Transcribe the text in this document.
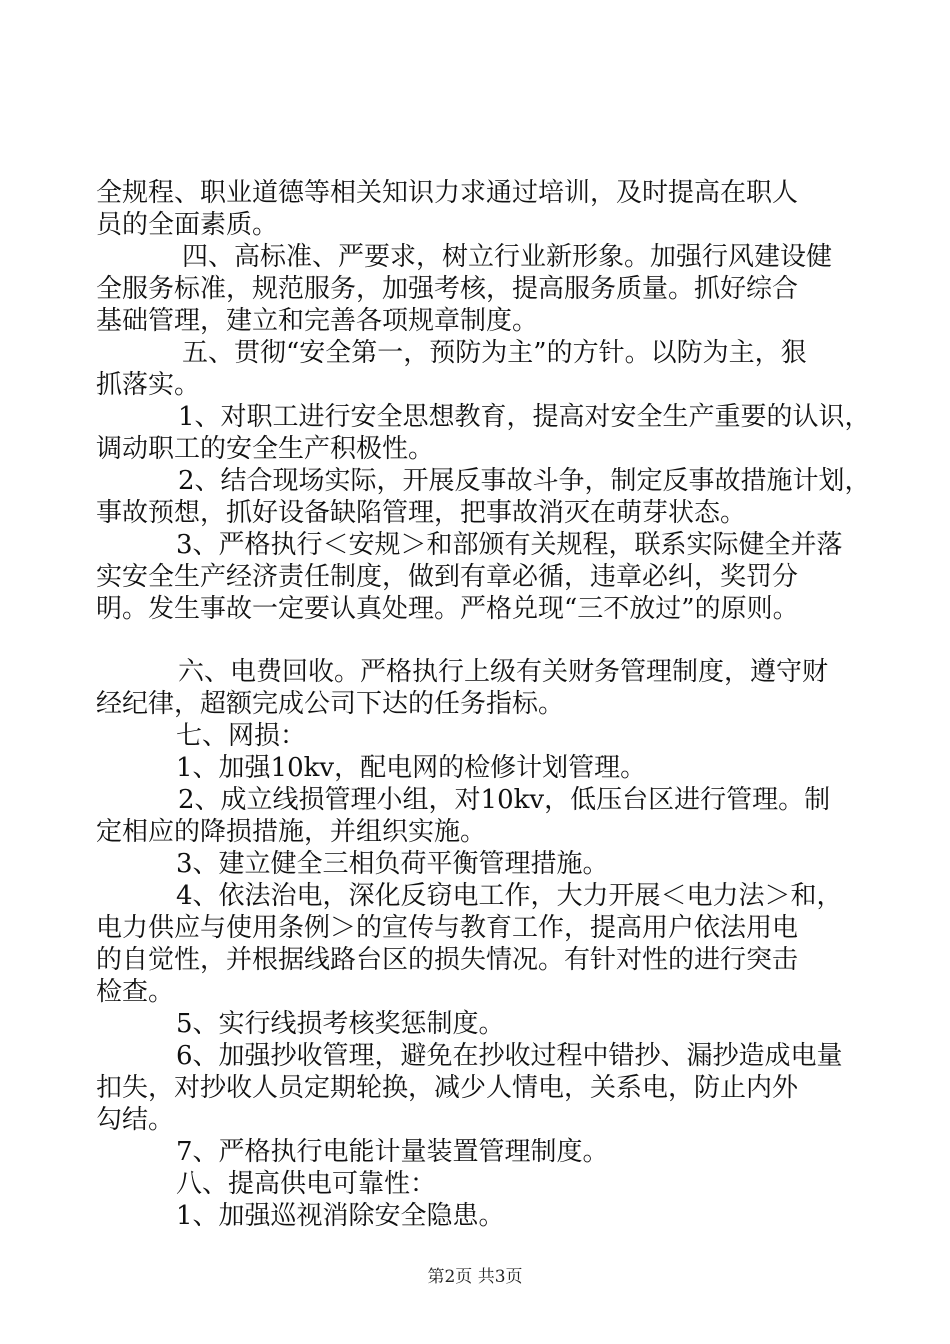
全规程、职业道德等相关知识力求通过培训，及时提高在职人
员的全面素质。
四、高标准、严要求，树立行业新形象。加强行风建设健
全服务标准，规范服务，加强考核，提高服务质量。抓好综合
基础管理，建立和完善各项规章制度。
五、贯彻“安全第一，预防为主”的方针。以防为主，狠
抓落实。
1、对职工进行安全思想教育，提高对安全生产重要的认识，
调动职工的安全生产积极性。
2、结合现场实际，开展反事故斗争，制定反事故措施计划，
事故预想，抓好设备缺陷管理，把事故消灭在萌芽状态。
3、严格执行＜安规＞和部颁有关规程，联系实际健全并落
实安全生产经济责任制度，做到有章必循，违章必纠，奖罚分
明。发生事故一定要认真处理。严格兑现“三不放过”的原则。
六、电费回收。严格执行上级有关财务管理制度，遵守财
经纪律，超额完成公司下达的任务指标。
七、网损：
1、加强10kv，配电网的检修计划管理。
2、成立线损管理小组，对10kv，低压台区进行管理。制
定相应的降损措施，并组织实施。
3、建立健全三相负荷平衡管理措施。
4、依法治电，深化反窃电工作，大力开展＜电力法＞和，
电力供应与使用条例＞的宣传与教育工作，提高用户依法用电
的自觉性，并根据线路台区的损失情况。有针对性的进行突击
检查。
5、实行线损考核奖惩制度。
6、加强抄收管理，避免在抄收过程中错抄、漏抄造成电量
扣失，对抄收人员定期轮换，减少人情电，关系电，防止内外
勾结。
7、严格执行电能计量装置管理制度。
八、提高供电可靠性：
1、加强巡视消除安全隐患。
第2页 共3页
